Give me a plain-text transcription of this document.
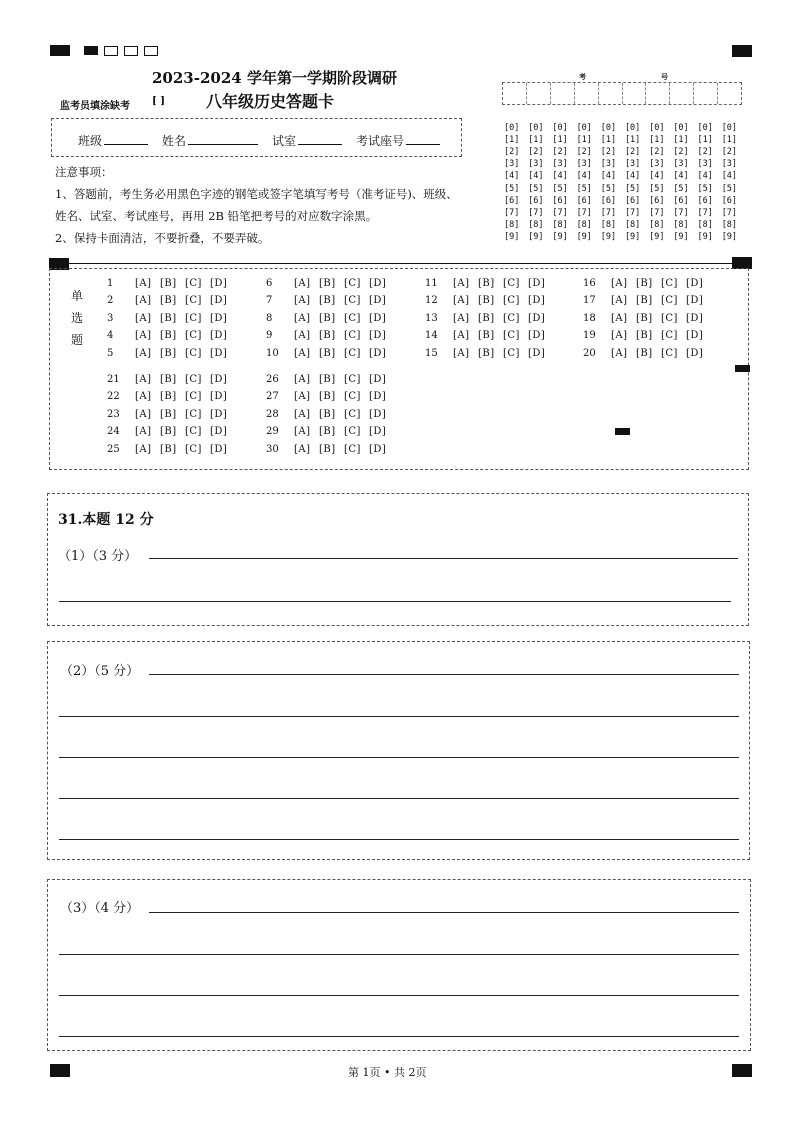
2023-2024 学年第一学期阶段调研
八年级历史答题卡
监考员填涂缺考 [ ]
考	号
[0]	[0]	[0]	[0]	[0]	[0]	[0]	[0]	[0]	[0]
[1]	[1]	[1]	[1]	[1]	[1]	[1]	[1]	[1]	[1]
[2]	[2]	[2]	[2]	[2]	[2]	[2]	[2]	[2]	[2]
[3]	[3]	[3]	[3]	[3]	[3]	[3]	[3]	[3]	[3]
[4]	[4]	[4]	[4]	[4]	[4]	[4]	[4]	[4]	[4]
[5]	[5]	[5]	[5]	[5]	[5]	[5]	[5]	[5]	[5]
[6]	[6]	[6]	[6]	[6]	[6]	[6]	[6]	[6]	[6]
[7]	[7]	[7]	[7]	[7]	[7]	[7]	[7]	[7]	[7]
[8]	[8]	[8]	[8]	[8]	[8]	[8]	[8]	[8]	[8]
[9]	[9]	[9]	[9]	[9]	[9]	[9]	[9]	[9]	[9]
班级	姓名	试室	考试座号
注意事项：
1、答题前，考生务必用黑色字迹的钢笔或签字笔填写考号（准考证号)、班级、
姓名、试室、考试座号，再用 2B 铅笔把考号的对应数字涂黑。
2、保持卡面清洁，不要折叠，不要弄破。
单
选
题
1 [A] [B] [C] [D]
2 [A] [B] [C] [D]
3 [A] [B] [C] [D]
4 [A] [B] [C] [D]
5 [A] [B] [C] [D]
6 [A] [B] [C] [D]
7 [A] [B] [C] [D]
8 [A] [B] [C] [D]
9 [A] [B] [C] [D]
10 [A] [B] [C] [D]
11 [A] [B] [C] [D]
12 [A] [B] [C] [D]
13 [A] [B] [C] [D]
14 [A] [B] [C] [D]
15 [A] [B] [C] [D]
16 [A] [B] [C] [D]
17 [A] [B] [C] [D]
18 [A] [B] [C] [D]
19 [A] [B] [C] [D]
20 [A] [B] [C] [D]
21 [A] [B] [C] [D]
22 [A] [B] [C] [D]
23 [A] [B] [C] [D]
24 [A] [B] [C] [D]
25 [A] [B] [C] [D]
26 [A] [B] [C] [D]
27 [A] [B] [C] [D]
28 [A] [B] [C] [D]
29 [A] [B] [C] [D]
30 [A] [B] [C] [D]
31.本题 12 分
（1）（3 分）
（2）（5 分）
（3）（4 分）
第 1页 • 共 2页
